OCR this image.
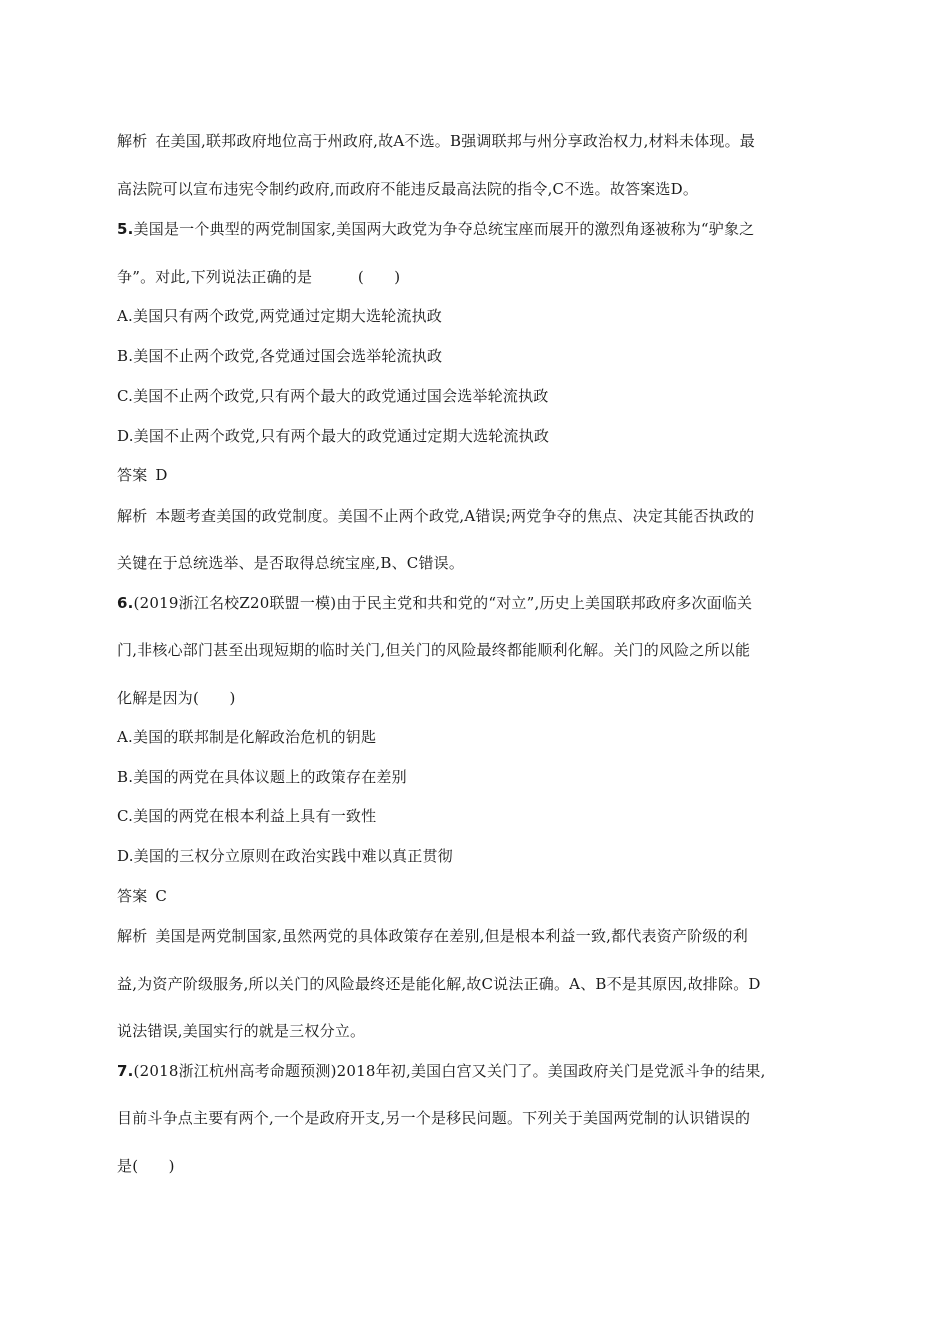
解析 在美国,联邦政府地位高于州政府,故A不选。B强调联邦与州分享政治权力,材料未体现。最
高法院可以宣布违宪令制约政府,而政府不能违反最高法院的指令,C不选。故答案选D。
5.美国是一个典型的两党制国家,美国两大政党为争夺总统宝座而展开的激烈角逐被称为“驴象之
争”。对此,下列说法正确的是　　　(　　)
A.美国只有两个政党,两党通过定期大选轮流执政
B.美国不止两个政党,各党通过国会选举轮流执政
C.美国不止两个政党,只有两个最大的政党通过国会选举轮流执政
D.美国不止两个政党,只有两个最大的政党通过定期大选轮流执政
答案 D
解析 本题考查美国的政党制度。美国不止两个政党,A错误;两党争夺的焦点、决定其能否执政的
关键在于总统选举、是否取得总统宝座,B、C错误。
6.(2019浙江名校Z20联盟一模)由于民主党和共和党的“对立”,历史上美国联邦政府多次面临关
门,非核心部门甚至出现短期的临时关门,但关门的风险最终都能顺利化解。关门的风险之所以能
化解是因为(　　)
A.美国的联邦制是化解政治危机的钥匙
B.美国的两党在具体议题上的政策存在差别
C.美国的两党在根本利益上具有一致性
D.美国的三权分立原则在政治实践中难以真正贯彻
答案 C
解析 美国是两党制国家,虽然两党的具体政策存在差别,但是根本利益一致,都代表资产阶级的利
益,为资产阶级服务,所以关门的风险最终还是能化解,故C说法正确。A、B不是其原因,故排除。D
说法错误,美国实行的就是三权分立。
7.(2018浙江杭州高考命题预测)2018年初,美国白宫又关门了。美国政府关门是党派斗争的结果,
目前斗争点主要有两个,一个是政府开支,另一个是移民问题。下列关于美国两党制的认识错误的
是(　　)
